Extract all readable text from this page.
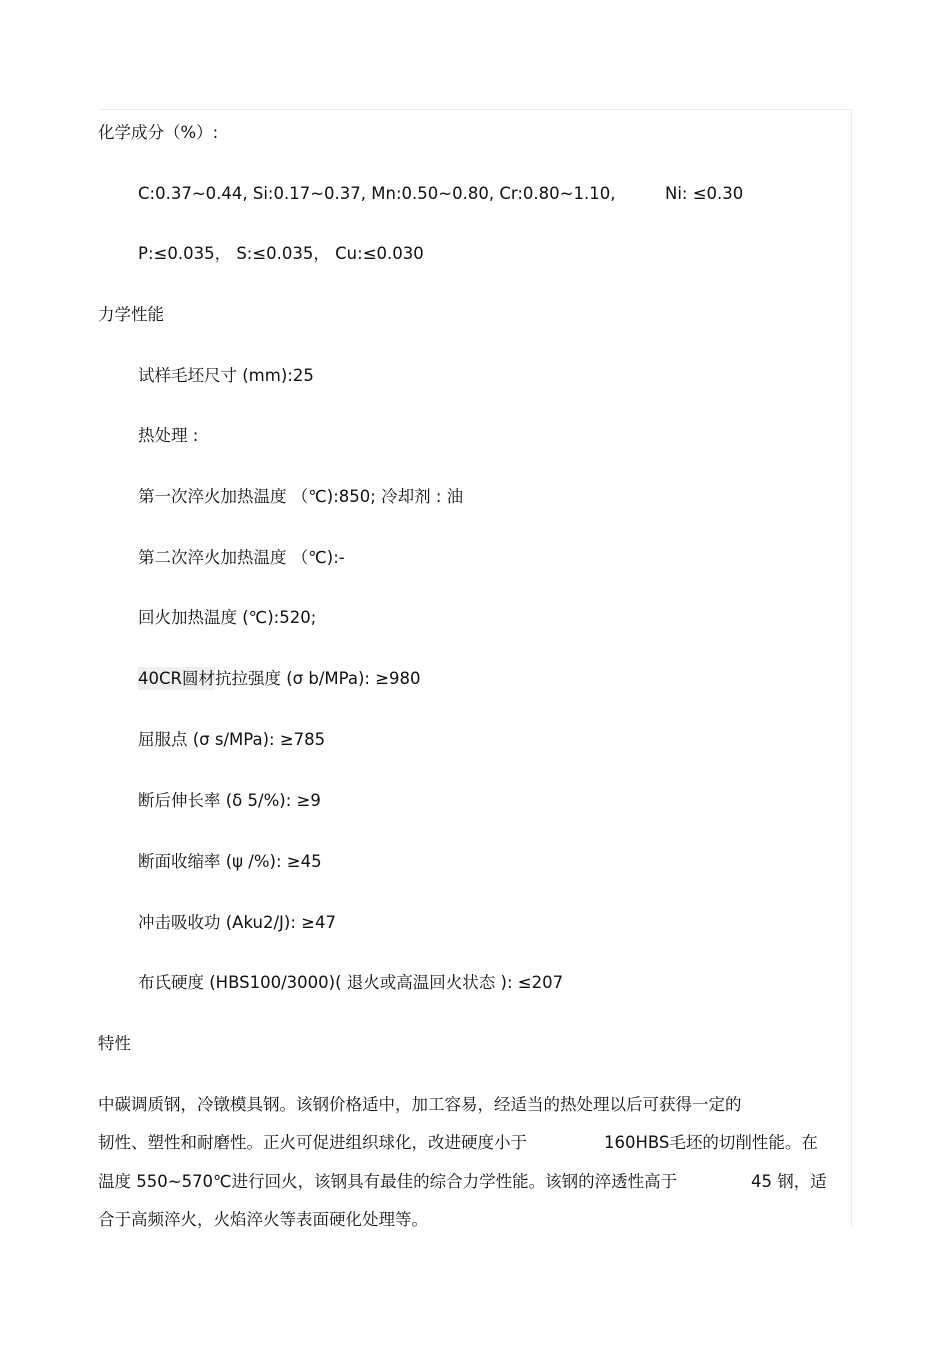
化学成分（%）:
C:0.37~0.44, Si:0.17~0.37, Mn:0.50~0.80, Cr:0.80~1.10,	Ni: ≤0.30
P:≤0.035， S:≤0.035， Cu:≤0.030
力学性能
试样毛坯尺寸 (mm):25
热处理 :
第一次淬火加热温度 （℃):850; 冷却剂 : 油
第二次淬火加热温度 （℃):-
回火加热温度 (℃):520;
40CR圆材抗拉强度 (σ b/MPa): ≥980
屈服点 (σ s/MPa): ≥785
断后伸长率 (δ 5/%): ≥9
断面收缩率 (ψ /%): ≥45
冲击吸收功 (Aku2/J): ≥47
布氏硬度 (HBS100/3000)( 退火或高温回火状态 ): ≤207
特性
中碳调质钢，冷镦模具钢。该钢价格适中，加工容易，经适当的热处理以后可获得一定的
韧性、塑性和耐磨性。正火可促进组织球化，改进硬度小于	160HBS毛坯的切削性能。在
温度 550~570℃进行回火，该钢具有最佳的综合力学性能。该钢的淬透性高于	45 钢，适
合于高频淬火，火焰淬火等表面硬化处理等。
